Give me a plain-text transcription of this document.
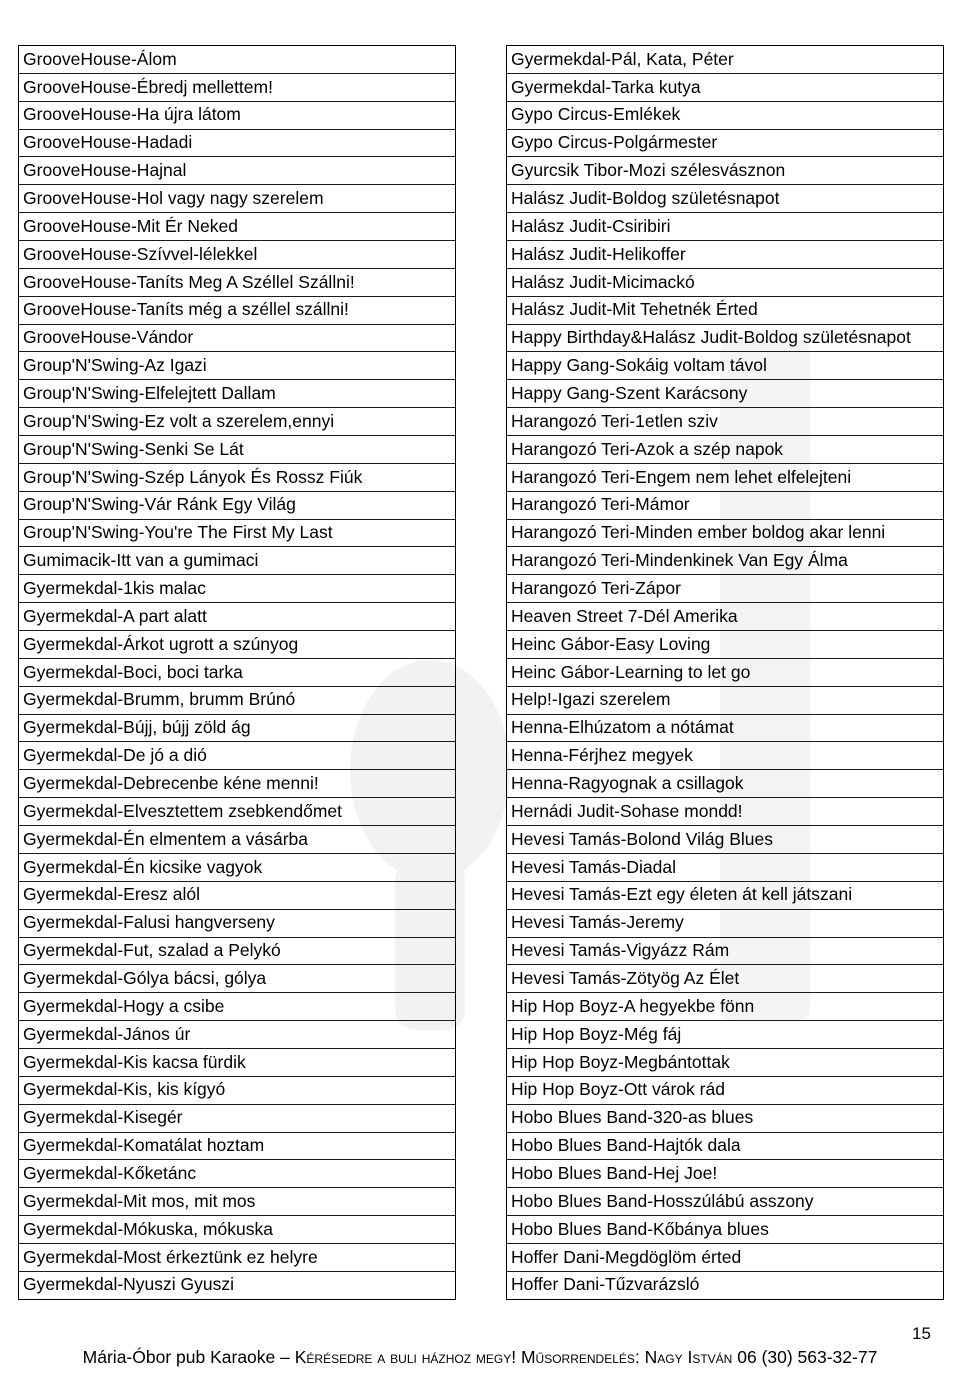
GrooveHouse-Álom
GrooveHouse-Ébredj mellettem!
GrooveHouse-Ha újra látom
GrooveHouse-Hadadi
GrooveHouse-Hajnal
GrooveHouse-Hol vagy nagy szerelem
GrooveHouse-Mit Ér Neked
GrooveHouse-Szívvel-lélekkel
GrooveHouse-Taníts Meg A Széllel Szállni!
GrooveHouse-Taníts még a széllel szállni!
GrooveHouse-Vándor
Group'N'Swing-Az Igazi
Group'N'Swing-Elfelejtett Dallam
Group'N'Swing-Ez volt a szerelem,ennyi
Group'N'Swing-Senki Se Lát
Group'N'Swing-Szép Lányok És Rossz Fiúk
Group'N'Swing-Vár Ránk Egy Világ
Group'N'Swing-You're The First My Last
Gumimacik-Itt van a gumimaci
Gyermekdal-1kis malac
Gyermekdal-A part alatt
Gyermekdal-Árkot ugrott a szúnyog
Gyermekdal-Boci, boci tarka
Gyermekdal-Brumm, brumm Brúnó
Gyermekdal-Bújj, bújj zöld ág
Gyermekdal-De jó a dió
Gyermekdal-Debrecenbe kéne menni!
Gyermekdal-Elvesztettem zsebkendőmet
Gyermekdal-Én elmentem a vásárba
Gyermekdal-Én kicsike vagyok
Gyermekdal-Eresz alól
Gyermekdal-Falusi hangverseny
Gyermekdal-Fut, szalad a Pelykó
Gyermekdal-Gólya bácsi, gólya
Gyermekdal-Hogy a csibe
Gyermekdal-János úr
Gyermekdal-Kis kacsa fürdik
Gyermekdal-Kis, kis kígyó
Gyermekdal-Kisegér
Gyermekdal-Komatálat hoztam
Gyermekdal-Kőketánc
Gyermekdal-Mit mos, mit mos
Gyermekdal-Mókuska, mókuska
Gyermekdal-Most érkeztünk ez helyre
Gyermekdal-Nyuszi Gyuszi
Gyermekdal-Pál, Kata, Péter
Gyermekdal-Tarka kutya
Gypo Circus-Emlékek
Gypo Circus-Polgármester
Gyurcsik Tibor-Mozi szélesvásznon
Halász Judit-Boldog születésnapot
Halász Judit-Csiribiri
Halász Judit-Helikoffer
Halász Judit-Micimackó
Halász Judit-Mit Tehetnék Érted
Happy Birthday&Halász Judit-Boldog születésnapot
Happy Gang-Sokáig voltam távol
Happy Gang-Szent Karácsony
Harangozó Teri-1etlen sziv
Harangozó Teri-Azok a szép napok
Harangozó Teri-Engem nem lehet elfelejteni
Harangozó Teri-Mámor
Harangozó Teri-Minden ember boldog akar lenni
Harangozó Teri-Mindenkinek Van Egy Álma
Harangozó Teri-Zápor
Heaven Street 7-Dél Amerika
Heinc Gábor-Easy Loving
Heinc Gábor-Learning to let go
Help!-Igazi szerelem
Henna-Elhúzatom a nótámat
Henna-Férjhez megyek
Henna-Ragyognak a csillagok
Hernádi Judit-Sohase mondd!
Hevesi Tamás-Bolond Világ Blues
Hevesi Tamás-Diadal
Hevesi Tamás-Ezt egy életen át kell játszani
Hevesi Tamás-Jeremy
Hevesi Tamás-Vigyázz Rám
Hevesi Tamás-Zötyög Az Élet
Hip Hop Boyz-A hegyekbe fönn
Hip Hop Boyz-Még fáj
Hip Hop Boyz-Megbántottak
Hip Hop Boyz-Ott várok rád
Hobo Blues Band-320-as blues
Hobo Blues Band-Hajtók dala
Hobo Blues Band-Hej Joe!
Hobo Blues Band-Hosszúlábú asszony
Hobo Blues Band-Kőbánya blues
Hoffer Dani-Megdöglöm érted
Hoffer Dani-Tűzvarázsló
15
Mária-Óbor pub Karaoke – Kérésedre a buli házhoz megy! Műsorrendelés: Nagy István 06 (30) 563-32-77
